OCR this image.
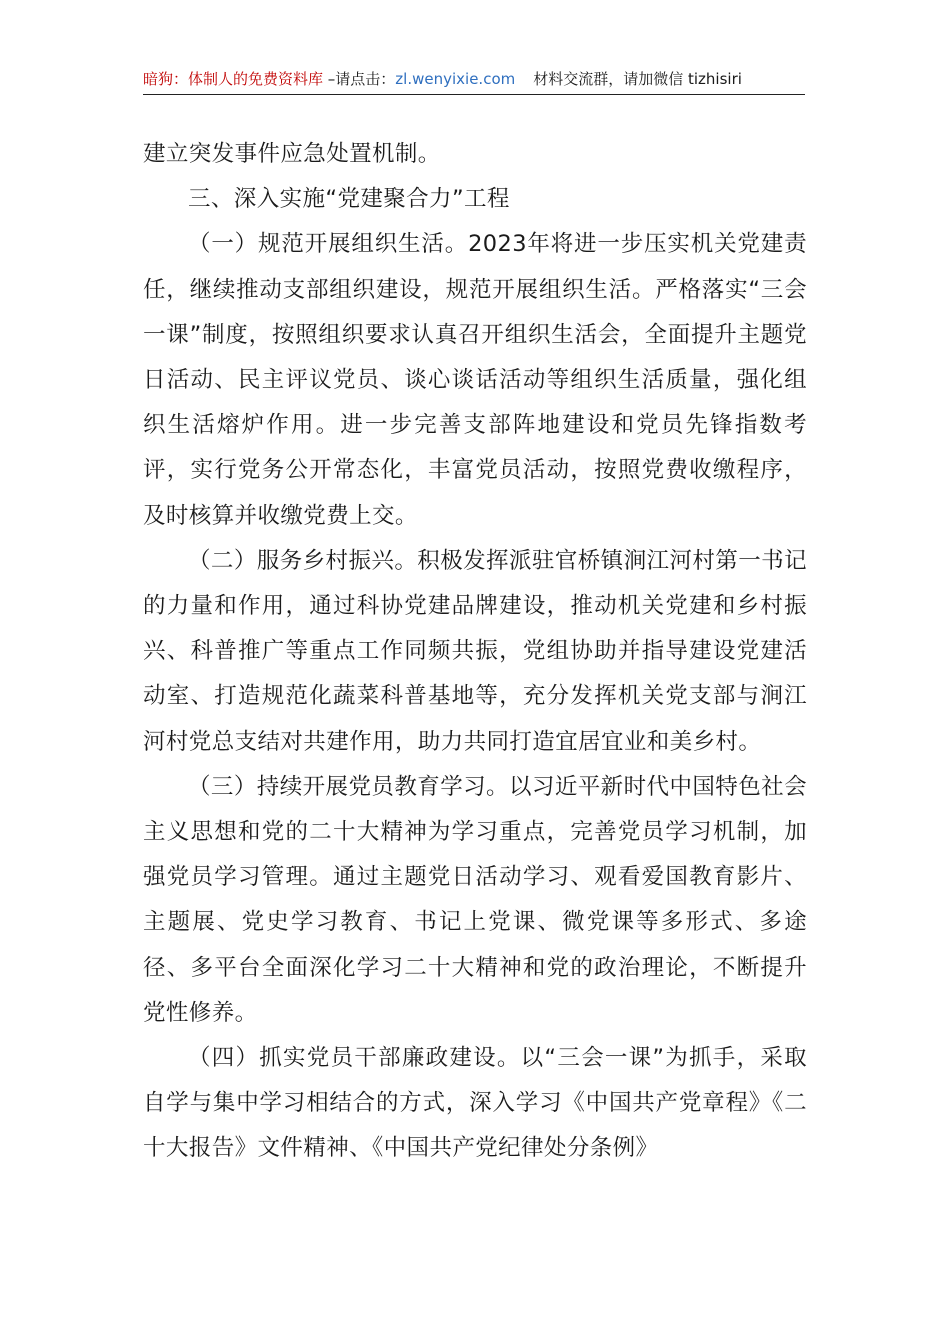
暗狗：体制人的免费资料库 –请点击：zl.wenyixie.com 材料交流群，请加微信 tizhisiri

建立突发事件应急处置机制。

三、深入实施“党建聚合力”工程

（一）规范开展组织生活。2023年将进一步压实机关党建责任，继续推动支部组织建设，规范开展组织生活。严格落实“三会一课”制度，按照组织要求认真召开组织生活会，全面提升主题党日活动、民主评议党员、谈心谈话活动等组织生活质量，强化组织生活熔炉作用。进一步完善支部阵地建设和党员先锋指数考评，实行党务公开常态化，丰富党员活动，按照党费收缴程序，及时核算并收缴党费上交。

（二）服务乡村振兴。积极发挥派驻官桥镇涧江河村第一书记的力量和作用，通过科协党建品牌建设，推动机关党建和乡村振兴、科普推广等重点工作同频共振，党组协助并指导建设党建活动室、打造规范化蔬菜科普基地等，充分发挥机关党支部与涧江河村党总支结对共建作用，助力共同打造宜居宜业和美乡村。

（三）持续开展党员教育学习。以习近平新时代中国特色社会主义思想和党的二十大精神为学习重点，完善党员学习机制，加强党员学习管理。通过主题党日活动学习、观看爱国教育影片、主题展、党史学习教育、书记上党课、微党课等多形式、多途径、多平台全面深化学习二十大精神和党的政治理论，不断提升党性修养。

（四）抓实党员干部廉政建设。以“三会一课”为抓手，采取自学与集中学习相结合的方式，深入学习《中国共产党章程》《二十大报告》文件精神、《中国共产党纪律处分条例》
